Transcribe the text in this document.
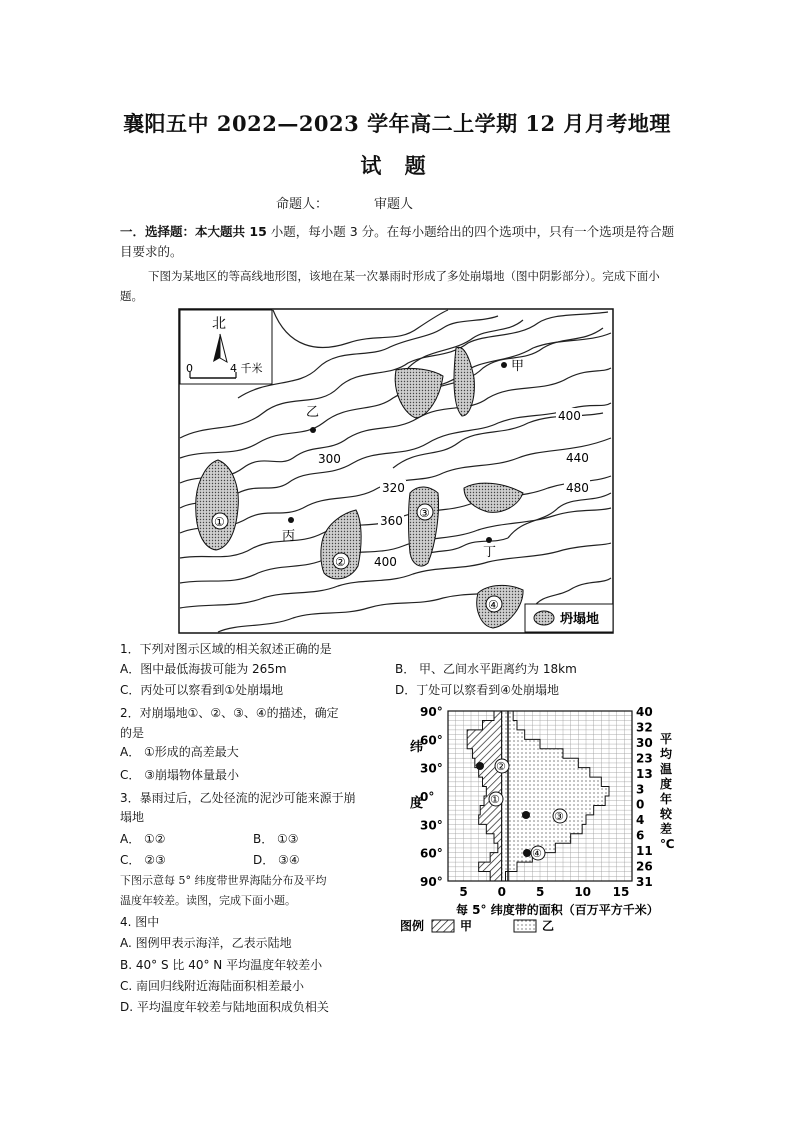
襄阳五中 2022—2023 学年高二上学期 12 月月考地理
试 题
命题人：	审题人
一．选择题：本大题共 15 小题，每小题 3 分。在每小题给出的四个选项中，只有一个选项是符合题目要求的。
下图为某地区的等高线地形图，该地在某一次暴雨时形成了多处崩塌地（图中阴影部分）。完成下面小题。
北
0	4 千米	甲
乙
丙
丁
300
320
360
400
400
440
480
①
②
③
④
坍塌地
1．下列对图示区域的相关叙述正确的是
A．图中最低海拔可能为 265m	B． 甲、乙间水平距离约为 18km
C．丙处可以察看到①处崩塌地	D．丁处可以察看到④处崩塌地
2．对崩塌地①、②、③、④的描述，确定
的是
A． ①形成的高差最大
C． ③崩塌物体量最小
3．暴雨过后，乙处径流的泥沙可能来源于崩
塌地
A． ①②	B． ①③
C． ②③	D． ③④
下图示意每 5° 纬度带世界海陆分布及平均
温度年较差。读图，完成下面小题。
4. 图中
A. 图例甲表示海洋，乙表示陆地
B. 40° S 比 40° N 平均温度年较差小
C. 南回归线附近海陆面积相差最小
D. 平均温度年较差与陆地面积成负相关
90°
60°
30°
0°
30°
60°
90°
40
32
30
23
13
3
0
4
6
11
26
31
5 0 5 10 15
纬
度
平
均
温
度
年
较
差
℃
①
②
③
④
每 5° 纬度带的面积（百万平方千米）
图例	甲	乙
